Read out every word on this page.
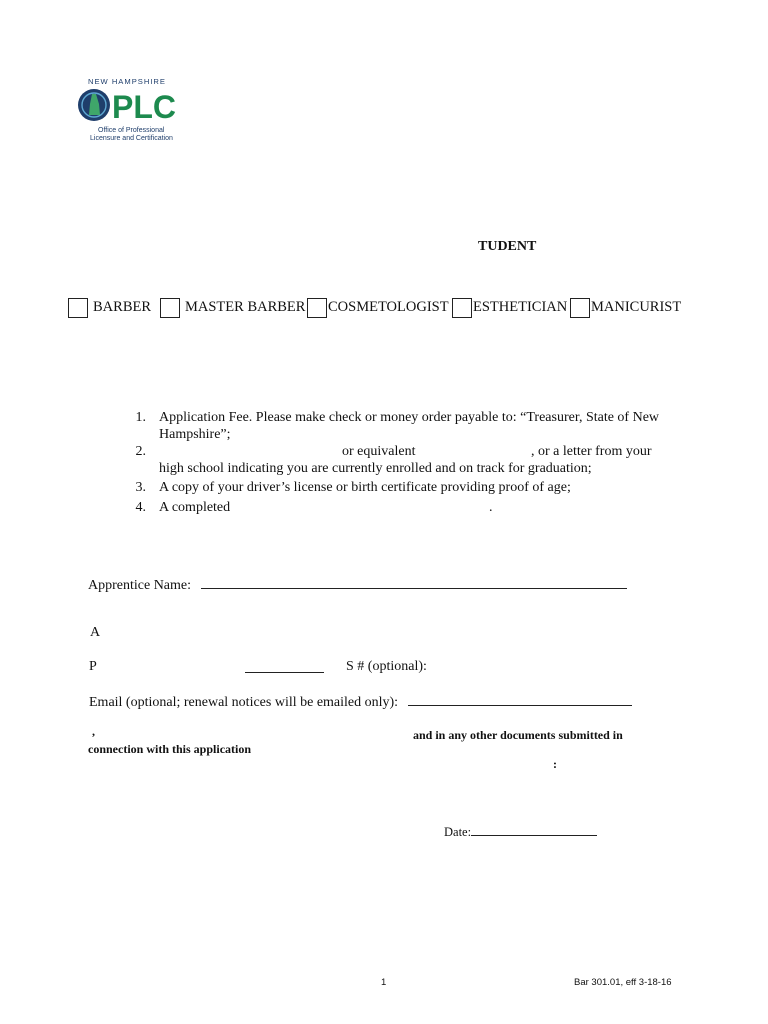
NEW HAMPSHIRE
PLC
Office of Professional
Licensure and Certification
TUDENT
BARBER MASTER BARBER COSMETOLOGIST ESTHETICIAN MANICURIST
1. Application Fee. Please make check or money order payable to: “Treasurer, State of New
Hampshire”;
2.	or equivalent	, or a letter from your
high school indicating you are currently enrolled and on track for graduation;
3. A copy of your driver’s license or birth certificate providing proof of age;
4. A completed	.
Apprentice Name:
A
P	S # (optional):
Email (optional; renewal notices will be emailed only):
,	and in any other documents submitted in
connection with this application
:
Date:
1	Bar 301.01, eff 3-18-16
